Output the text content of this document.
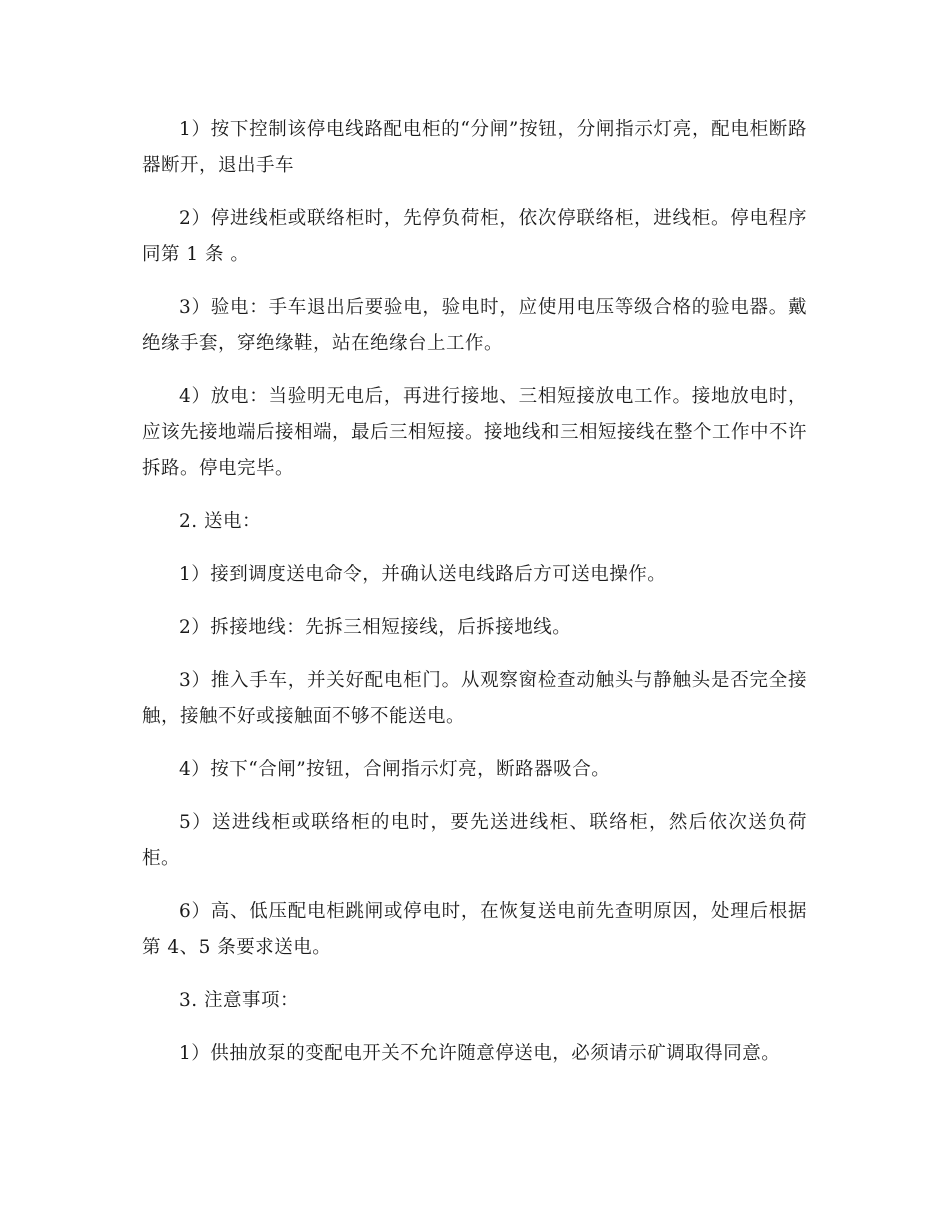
1）按下控制该停电线路配电柜的“分闸”按钮，分闸指示灯亮，配电柜断路器断开，退出手车

2）停进线柜或联络柜时，先停负荷柜，依次停联络柜，进线柜。停电程序同第 1 条 。

3）验电：手车退出后要验电，验电时，应使用电压等级合格的验电器。戴绝缘手套，穿绝缘鞋，站在绝缘台上工作。

4）放电：当验明无电后，再进行接地、三相短接放电工作。接地放电时，应该先接地端后接相端，最后三相短接。接地线和三相短接线在整个工作中不许拆路。停电完毕。

2. 送电：

1）接到调度送电命令，并确认送电线路后方可送电操作。

2）拆接地线：先拆三相短接线，后拆接地线。

3）推入手车，并关好配电柜门。从观察窗检查动触头与静触头是否完全接触，接触不好或接触面不够不能送电。

4）按下“合闸”按钮，合闸指示灯亮，断路器吸合。

5）送进线柜或联络柜的电时，要先送进线柜、联络柜，然后依次送负荷柜。

6）高、低压配电柜跳闸或停电时，在恢复送电前先查明原因，处理后根据第 4、5 条要求送电。

3. 注意事项：

1）供抽放泵的变配电开关不允许随意停送电，必须请示矿调取得同意。
